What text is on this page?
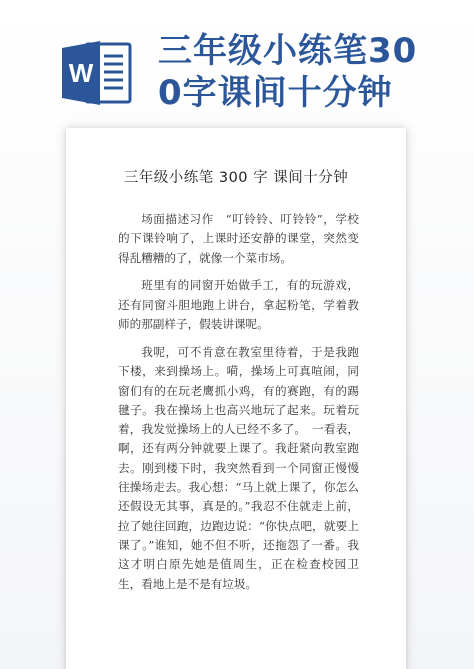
W
三年级小练笔300字课间十分钟
三年级小练笔 300 字 课间十分钟

场面描述习作　“叮铃铃、叮铃铃”，学校的下课铃响了，上课时还安静的课堂，突然变得乱糟糟的了，就像一个菜市场。

班里有的同窗开始做手工，有的玩游戏，还有同窗斗胆地跑上讲台，拿起粉笔，学着教师的那副样子，假装讲课呢。

我呢，可不肯意在教室里待着，于是我跑下楼，来到操场上。嗬，操场上可真喧闹，同窗们有的在玩老鹰抓小鸡，有的赛跑，有的踢毽子。我在操场上也高兴地玩了起来。玩着玩着，我发觉操场上的人已经不多了。　一看表，啊，还有两分钟就要上课了。我赶紧向教室跑去。刚到楼下时，我突然看到一个同窗正慢慢往操场走去。我心想：“马上就上课了，你怎么还假设无其事，真是的。”我忍不住就走上前，拉了她往回跑，边跑边说：“你快点吧，就要上课了。”谁知，她不但不听，还拖怨了一番。我这才明白原先她是值周生，正在检查校园卫生，看地上是不是有垃圾。
